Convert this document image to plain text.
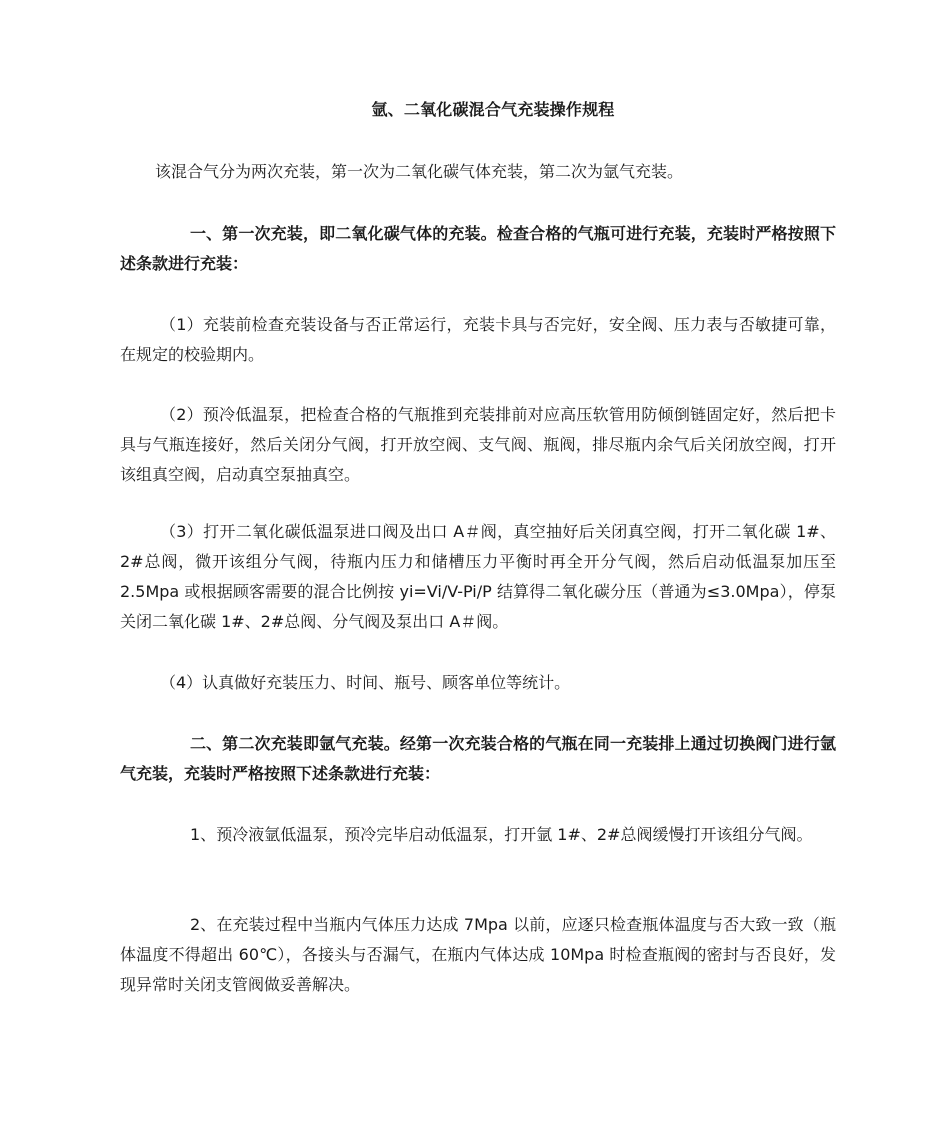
氩、二氧化碳混合气充装操作规程

该混合气分为两次充装，第一次为二氧化碳气体充装，第二次为氩气充装。

一、第一次充装，即二氧化碳气体的充装。检查合格的气瓶可进行充装，充装时严格按照下述条款进行充装：

（1）充装前检查充装设备与否正常运行，充装卡具与否完好，安全阀、压力表与否敏捷可靠，在规定的校验期内。

（2）预冷低温泵，把检查合格的气瓶推到充装排前对应高压软管用防倾倒链固定好，然后把卡具与气瓶连接好，然后关闭分气阀，打开放空阀、支气阀、瓶阀，排尽瓶内余气后关闭放空阀，打开该组真空阀，启动真空泵抽真空。

（3）打开二氧化碳低温泵进口阀及出口 A＃阀，真空抽好后关闭真空阀，打开二氧化碳 1#、2#总阀，微开该组分气阀，待瓶内压力和储槽压力平衡时再全开分气阀，然后启动低温泵加压至 2.5Mpa 或根据顾客需要的混合比例按 yi=Vi/V-Pi/P 结算得二氧化碳分压（普通为≤3.0Mpa），停泵关闭二氧化碳 1#、2#总阀、分气阀及泵出口 A＃阀。

（4）认真做好充装压力、时间、瓶号、顾客单位等统计。

二、第二次充装即氩气充装。经第一次充装合格的气瓶在同一充装排上通过切换阀门进行氩气充装，充装时严格按照下述条款进行充装：

1、预冷液氩低温泵，预冷完毕启动低温泵，打开氩 1#、2#总阀缓慢打开该组分气阀。

2、在充装过程中当瓶内气体压力达成 7Mpa 以前，应逐只检查瓶体温度与否大致一致（瓶体温度不得超出 60℃），各接头与否漏气，在瓶内气体达成 10Mpa 时检查瓶阀的密封与否良好，发现异常时关闭支管阀做妥善解决。
